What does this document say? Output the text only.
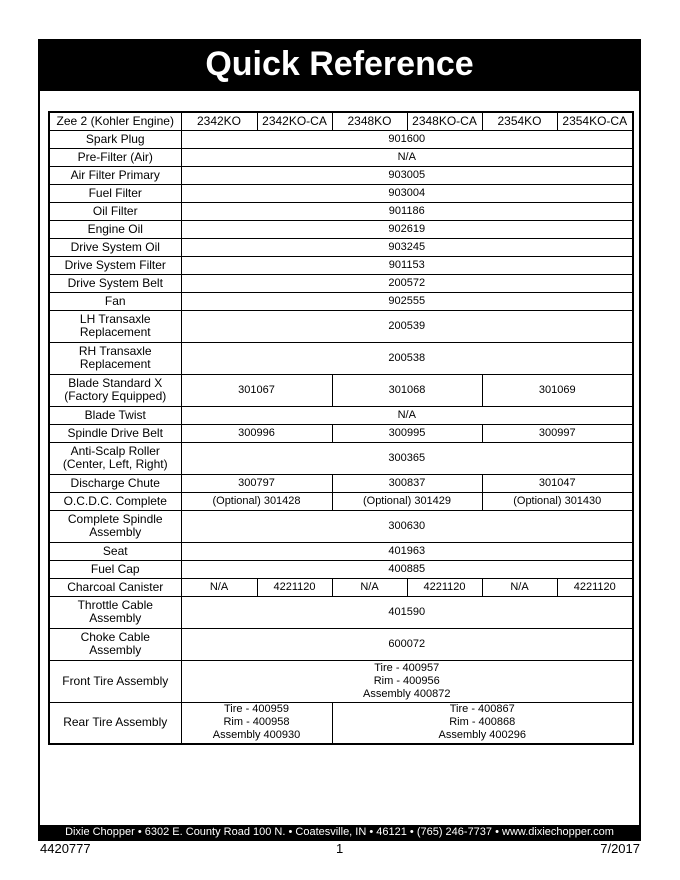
Quick Reference
Zee 2 (Kohler Engine)	2342KO	2342KO-CA	2348KO	2348KO-CA	2354KO	2354KO-CA
Spark Plug	901600					
Pre-Filter (Air)	N/A					
Air Filter Primary	903005					
Fuel Filter	903004					
Oil Filter	901186					
Engine Oil	902619					
Drive System Oil	903245					
Drive System Filter	901153					
Drive System Belt	200572					
Fan	902555					

LH Transaxle
Replacement	200539					

RH Transaxle
Replacement	200538					

Blade Standard X
(Factory Equipped)	301067		301068		301069	
Blade Twist	N/A					
Spindle Drive Belt	300996		300995		300997	

Anti-Scalp Roller
(Center, Left, Right)	300365					
Discharge Chute	300797		300837		301047	
O.C.D.C. Complete	(Optional) 301428		(Optional) 301429		(Optional) 301430	

Complete Spindle
Assembly	300630					
Seat	401963					
Fuel Cap	400885					
Charcoal Canister	N/A	4221120	N/A	4221120	N/A	4221120

Throttle Cable
Assembly	401590					

Choke Cable
Assembly	600072					
Front Tire Assembly	Tire - 400957
Rim - 400956
Assembly 400872					

Rear Tire Assembly	Tire - 400959
Rim - 400958
Assembly 400930		Tire - 400867
Rim - 400868
Assembly 400296			
Dixie Chopper • 6302 E. County Road 100 N. • Coatesville, IN • 46121 • (765) 246-7737 • www.dixiechopper.com
4420777	1	7/2017
